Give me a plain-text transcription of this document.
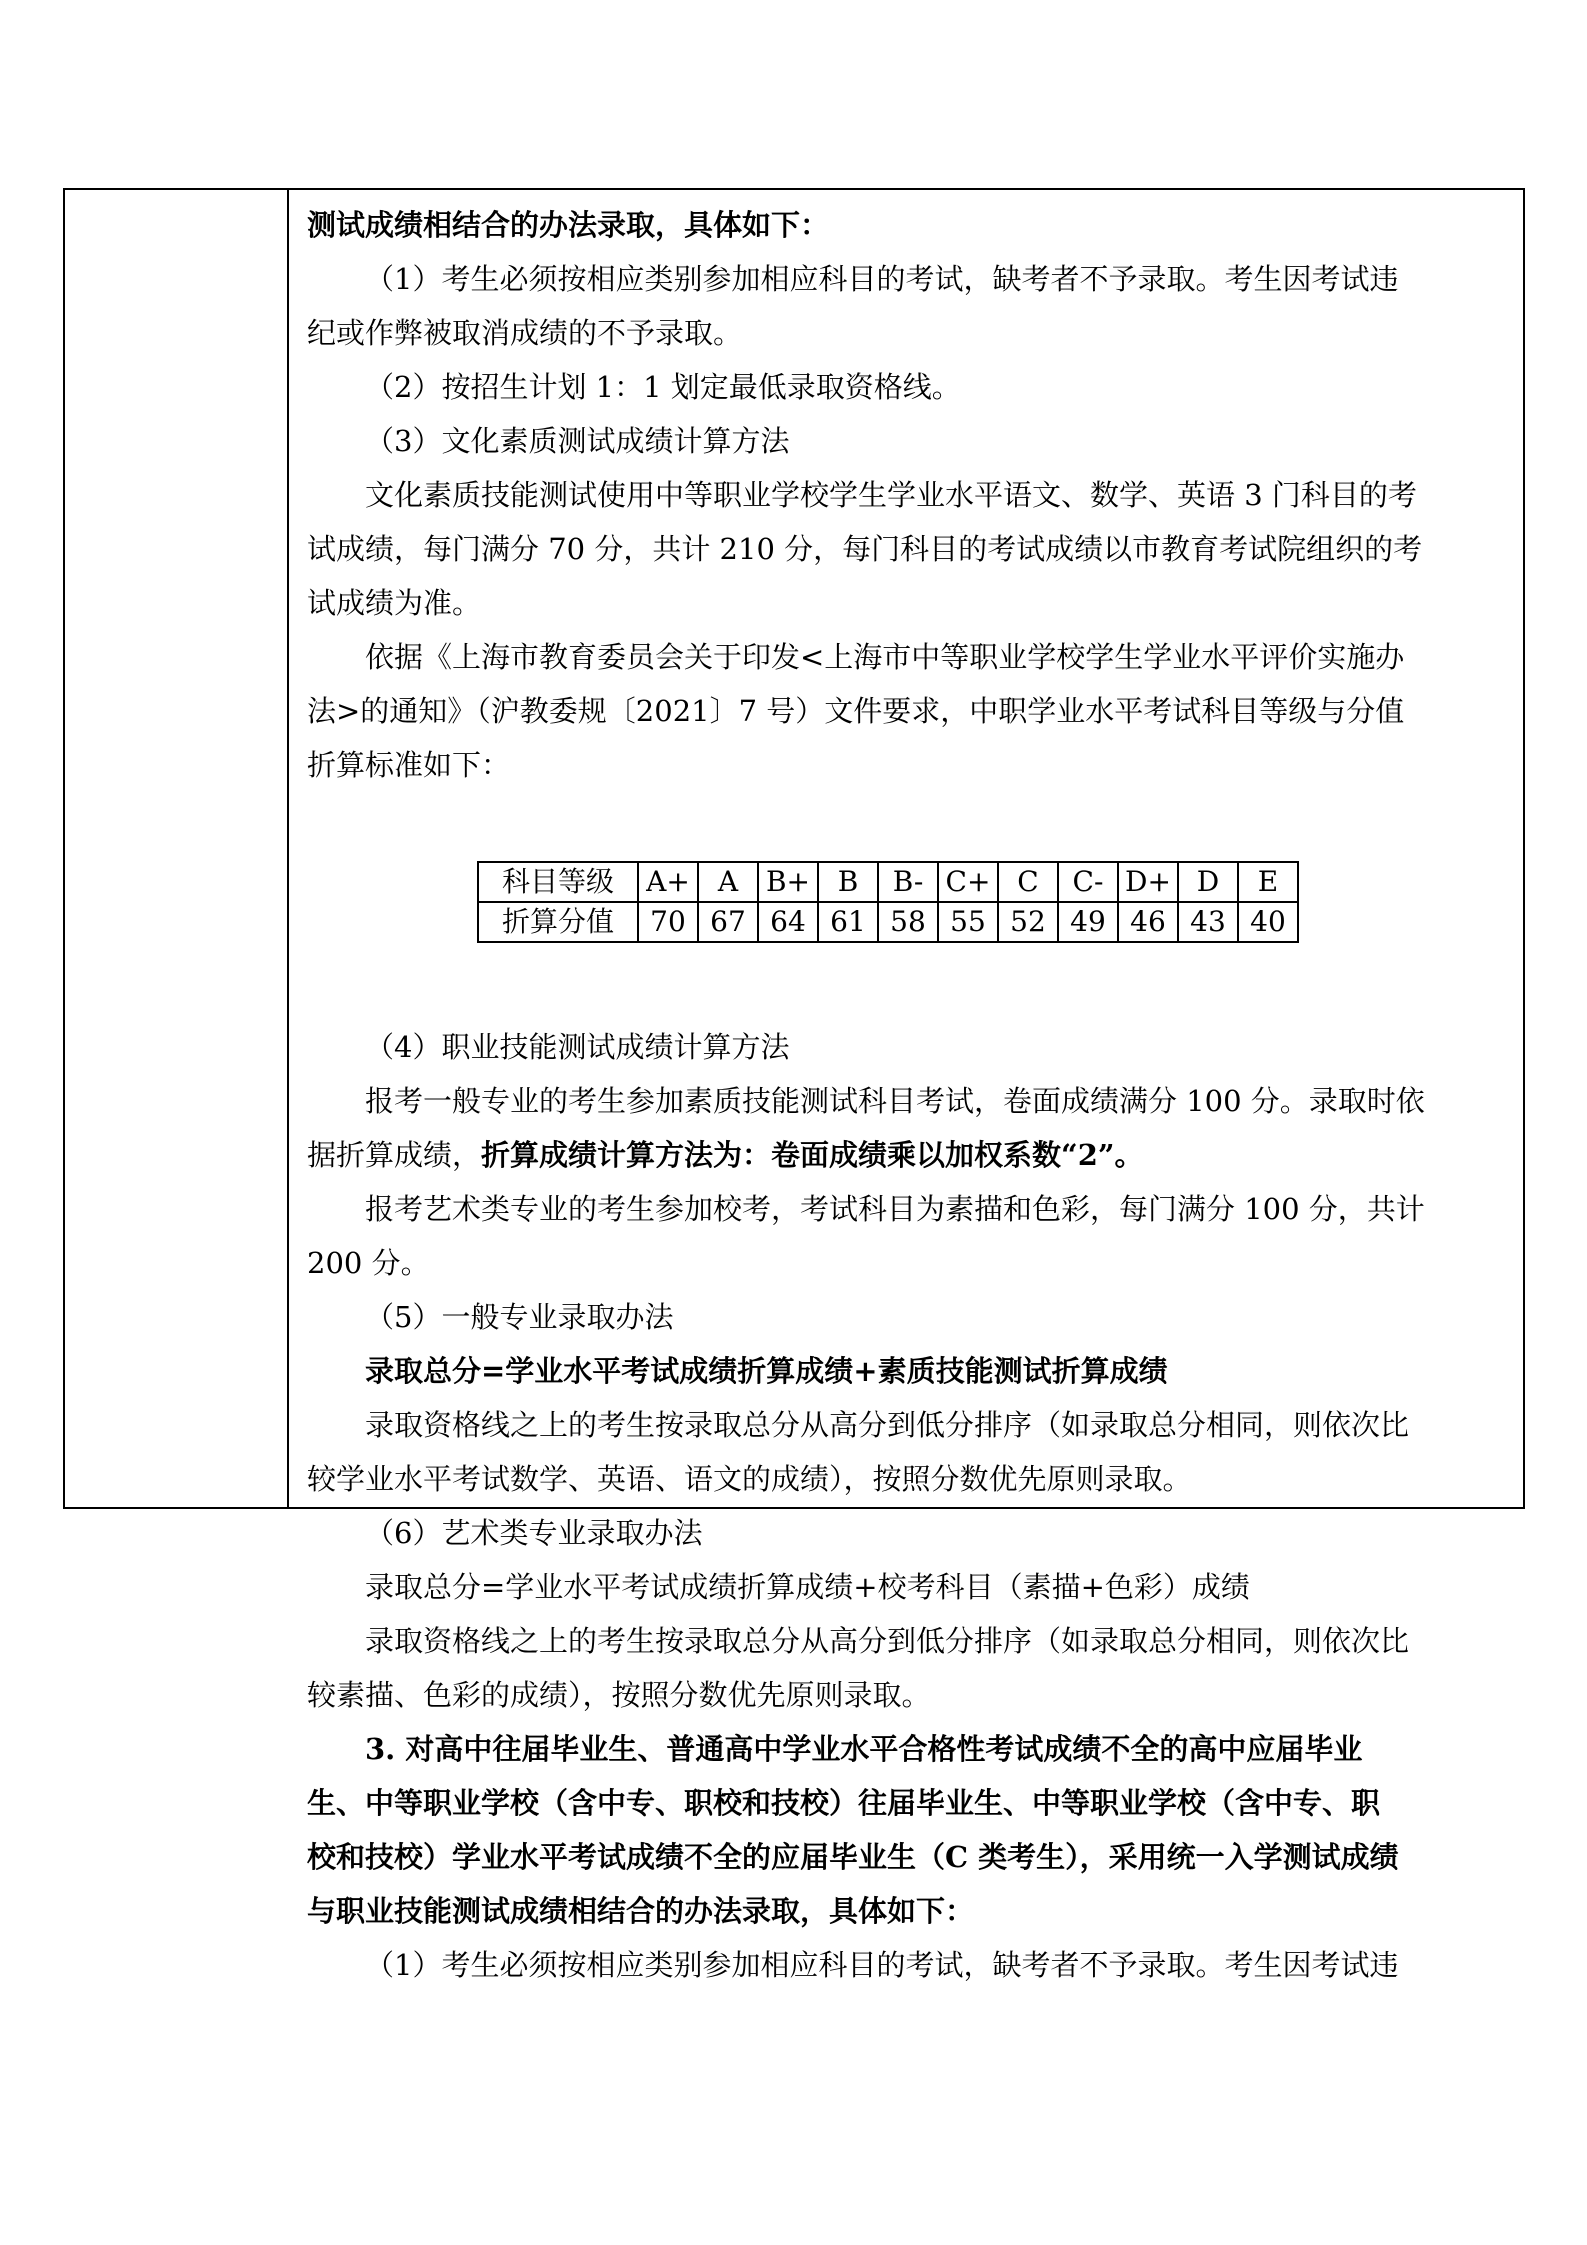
测试成绩相结合的办法录取，具体如下：
（1）考生必须按相应类别参加相应科目的考试，缺考者不予录取。考生因考试违
纪或作弊被取消成绩的不予录取。
（2）按招生计划 1：1 划定最低录取资格线。
（3）文化素质测试成绩计算方法
文化素质技能测试使用中等职业学校学生学业水平语文、数学、英语 3 门科目的考
试成绩，每门满分 70 分，共计 210 分，每门科目的考试成绩以市教育考试院组织的考
试成绩为准。
依据《上海市教育委员会关于印发<上海市中等职业学校学生学业水平评价实施办
法>的通知》（沪教委规〔2021〕7 号）文件要求，中职学业水平考试科目等级与分值
折算标准如下：
科目等级	A+	A	B+	B	B-	C+	C	C-	D+	D	E
折算分值	70	67	64	61	58	55	52	49	46	43	40
（4）职业技能测试成绩计算方法
报考一般专业的考生参加素质技能测试科目考试，卷面成绩满分 100 分。录取时依
据折算成绩，折算成绩计算方法为：卷面成绩乘以加权系数“2”。
报考艺术类专业的考生参加校考，考试科目为素描和色彩，每门满分 100 分，共计
200 分。
（5）一般专业录取办法
录取总分=学业水平考试成绩折算成绩+素质技能测试折算成绩
录取资格线之上的考生按录取总分从高分到低分排序（如录取总分相同，则依次比
较学业水平考试数学、英语、语文的成绩），按照分数优先原则录取。
（6）艺术类专业录取办法
录取总分=学业水平考试成绩折算成绩+校考科目（素描+色彩）成绩
录取资格线之上的考生按录取总分从高分到低分排序（如录取总分相同，则依次比
较素描、色彩的成绩），按照分数优先原则录取。
3. 对高中往届毕业生、普通高中学业水平合格性考试成绩不全的高中应届毕业
生、中等职业学校（含中专、职校和技校）往届毕业生、中等职业学校（含中专、职
校和技校）学业水平考试成绩不全的应届毕业生（C 类考生），采用统一入学测试成绩
与职业技能测试成绩相结合的办法录取，具体如下：
（1）考生必须按相应类别参加相应科目的考试，缺考者不予录取。考生因考试违
